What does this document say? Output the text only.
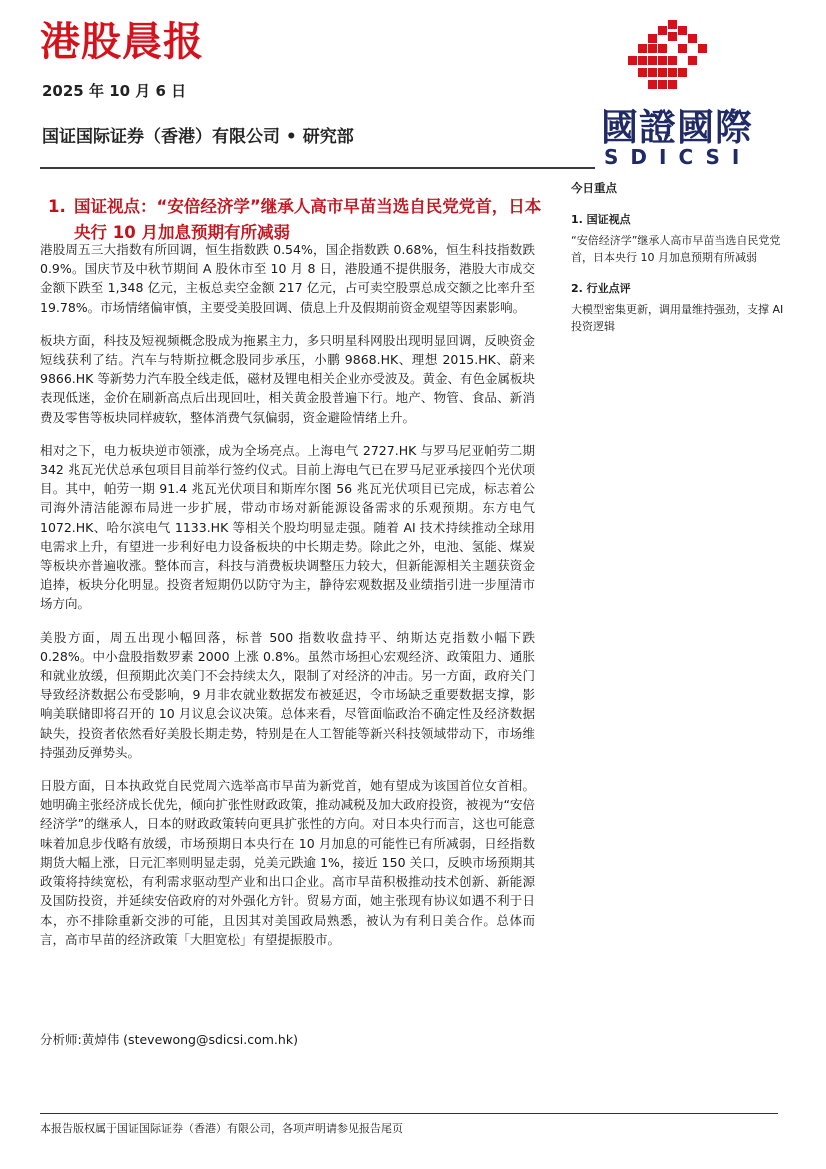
港股晨报
2025 年 10 月 6 日
国证国际证券（香港）有限公司 • 研究部	國證國際
SDICSI
1. 国证视点：“安倍经济学”继承人高市早苗当选自民党党首，日本央行 10 月加息预期有所减弱

港股周五三大指数有所回调，恒生指数跌 0.54%，国企指数跌 0.68%，恒生科技指数跌 0.9%。国庆节及中秋节期间 A 股休市至 10 月 8 日，港股通不提供服务，港股大市成交金额下跌至 1,348 亿元，主板总卖空金额 217 亿元，占可卖空股票总成交额之比率升至 19.78%。市场情绪偏审慎，主要受美股回调、债息上升及假期前资金观望等因素影响。

板块方面，科技及短视频概念股成为拖累主力，多只明星科网股出现明显回调，反映资金短线获利了结。汽车与特斯拉概念股同步承压，小鹏 9868.HK、理想 2015.HK、蔚来 9866.HK 等新势力汽车股全线走低，磁材及锂电相关企业亦受波及。黄金、有色金属板块表现低迷，金价在刷新高点后出现回吐，相关黄金股普遍下行。地产、物管、食品、新消费及零售等板块同样疲软，整体消费气氛偏弱，资金避险情绪上升。

相对之下，电力板块逆市领涨，成为全场亮点。上海电气 2727.HK 与罗马尼亚帕劳二期 342 兆瓦光伏总承包项目目前举行签约仪式。目前上海电气已在罗马尼亚承接四个光伏项目。其中，帕劳一期 91.4 兆瓦光伏项目和斯库尔图 56 兆瓦光伏项目已完成，标志着公司海外清洁能源布局进一步扩展，带动市场对新能源设备需求的乐观预期。东方电气 1072.HK、哈尔滨电气 1133.HK 等相关个股均明显走强。随着 AI 技术持续推动全球用电需求上升，有望进一步利好电力设备板块的中长期走势。除此之外，电池、氢能、煤炭等板块亦普遍收涨。整体而言，科技与消费板块调整压力较大，但新能源相关主题获资金追捧，板块分化明显。投资者短期仍以防守为主，静待宏观数据及业绩指引进一步厘清市场方向。

美股方面，周五出现小幅回落，标普 500 指数收盘持平、纳斯达克指数小幅下跌 0.28%。中小盘股指数罗素 2000 上涨 0.8%。虽然市场担心宏观经济、政策阻力、通胀和就业放缓，但预期此次美门不会持续太久，限制了对经济的冲击。另一方面，政府关门导致经济数据公布受影响，9 月非农就业数据发布被延迟，令市场缺乏重要数据支撑，影响美联储即将召开的 10 月议息会议决策。总体来看，尽管面临政治不确定性及经济数据缺失，投资者依然看好美股长期走势，特别是在人工智能等新兴科技领域带动下，市场维持强劲反弹势头。

日股方面，日本执政党自民党周六选举高市早苗为新党首，她有望成为该国首位女首相。她明确主张经济成长优先，倾向扩张性财政政策，推动减税及加大政府投资，被视为“安倍经济学”的继承人，日本的财政政策转向更具扩张性的方向。对日本央行而言，这也可能意味着加息步伐略有放缓，市场预期日本央行在 10 月加息的可能性已有所减弱，日经指数期货大幅上涨，日元汇率则明显走弱，兑美元跌逾 1%，接近 150 关口，反映市场预期其政策将持续宽松，有利需求驱动型产业和出口企业。高市早苗积极推动技术创新、新能源及国防投资，并延续安倍政府的对外强化方针。贸易方面，她主张现有协议如遇不利于日本，亦不排除重新交涉的可能，且因其对美国政局熟悉，被认为有利日美合作。总体而言，高市早苗的经济政策「大胆宽松」有望提振股市。

分析师:黄焯伟 (stevewong@sdicsi.com.hk)
今日重点
1. 国证视点
“安倍经济学”继承人高市早苗当选自民党党首，日本央行 10 月加息预期有所减弱
2. 行业点评
大模型密集更新，调用量维持强劲，支撑 AI 投资逻辑
本报告版权属于国证国际证券（香港）有限公司，各项声明请参见报告尾页
